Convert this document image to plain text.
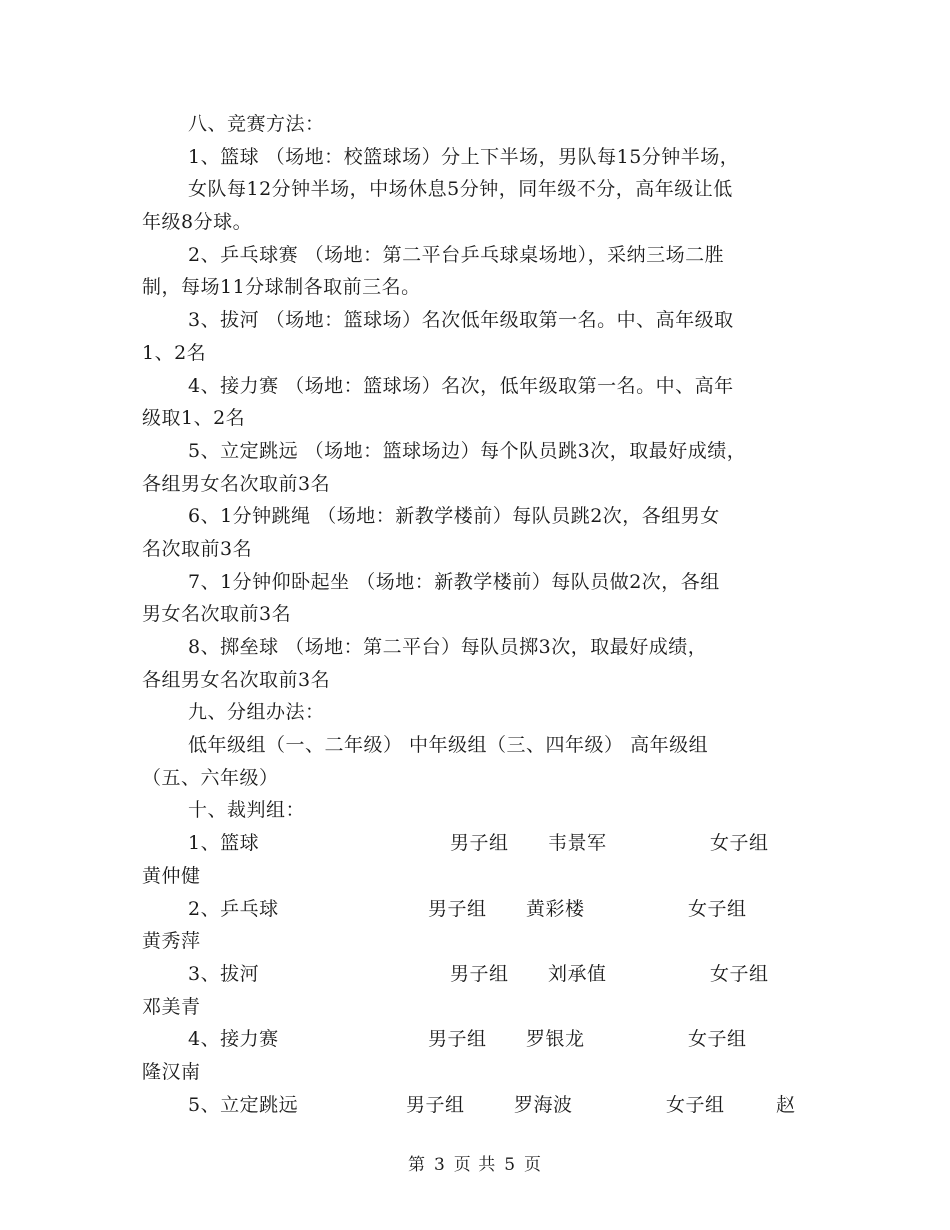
八、竞赛方法：
1、篮球 （场地：校篮球场）分上下半场，男队每15分钟半场，
女队每12分钟半场，中场休息5分钟，同年级不分，高年级让低
年级8分球。
2、乒乓球赛 （场地：第二平台乒乓球桌场地），采纳三场二胜
制，每场11分球制各取前三名。
3、拔河 （场地：篮球场）名次低年级取第一名。中、高年级取
1、2名
4、接力赛 （场地：篮球场）名次，低年级取第一名。中、高年
级取1、2名
5、立定跳远 （场地：篮球场边）每个队员跳3次，取最好成绩，
各组男女名次取前3名
6、1分钟跳绳 （场地：新教学楼前）每队员跳2次，各组男女
名次取前3名
7、1分钟仰卧起坐 （场地：新教学楼前）每队员做2次，各组
男女名次取前3名
8、掷垒球 （场地：第二平台）每队员掷3次，取最好成绩，
各组男女名次取前3名
九、分组办法：
低年级组（一、二年级） 中年级组（三、四年级） 高年级组
（五、六年级）
十、裁判组：
1、篮球	男子组 韦景军	女子组
黄仲健
2、乒乓球	男子组 黄彩楼	女子组
黄秀萍
3、拔河	男子组 刘承值	女子组
邓美青
4、接力赛	男子组 罗银龙	女子组
隆汉南
5、立定跳远	男子组	罗海波	女子组	赵
第 3 页 共 5 页
